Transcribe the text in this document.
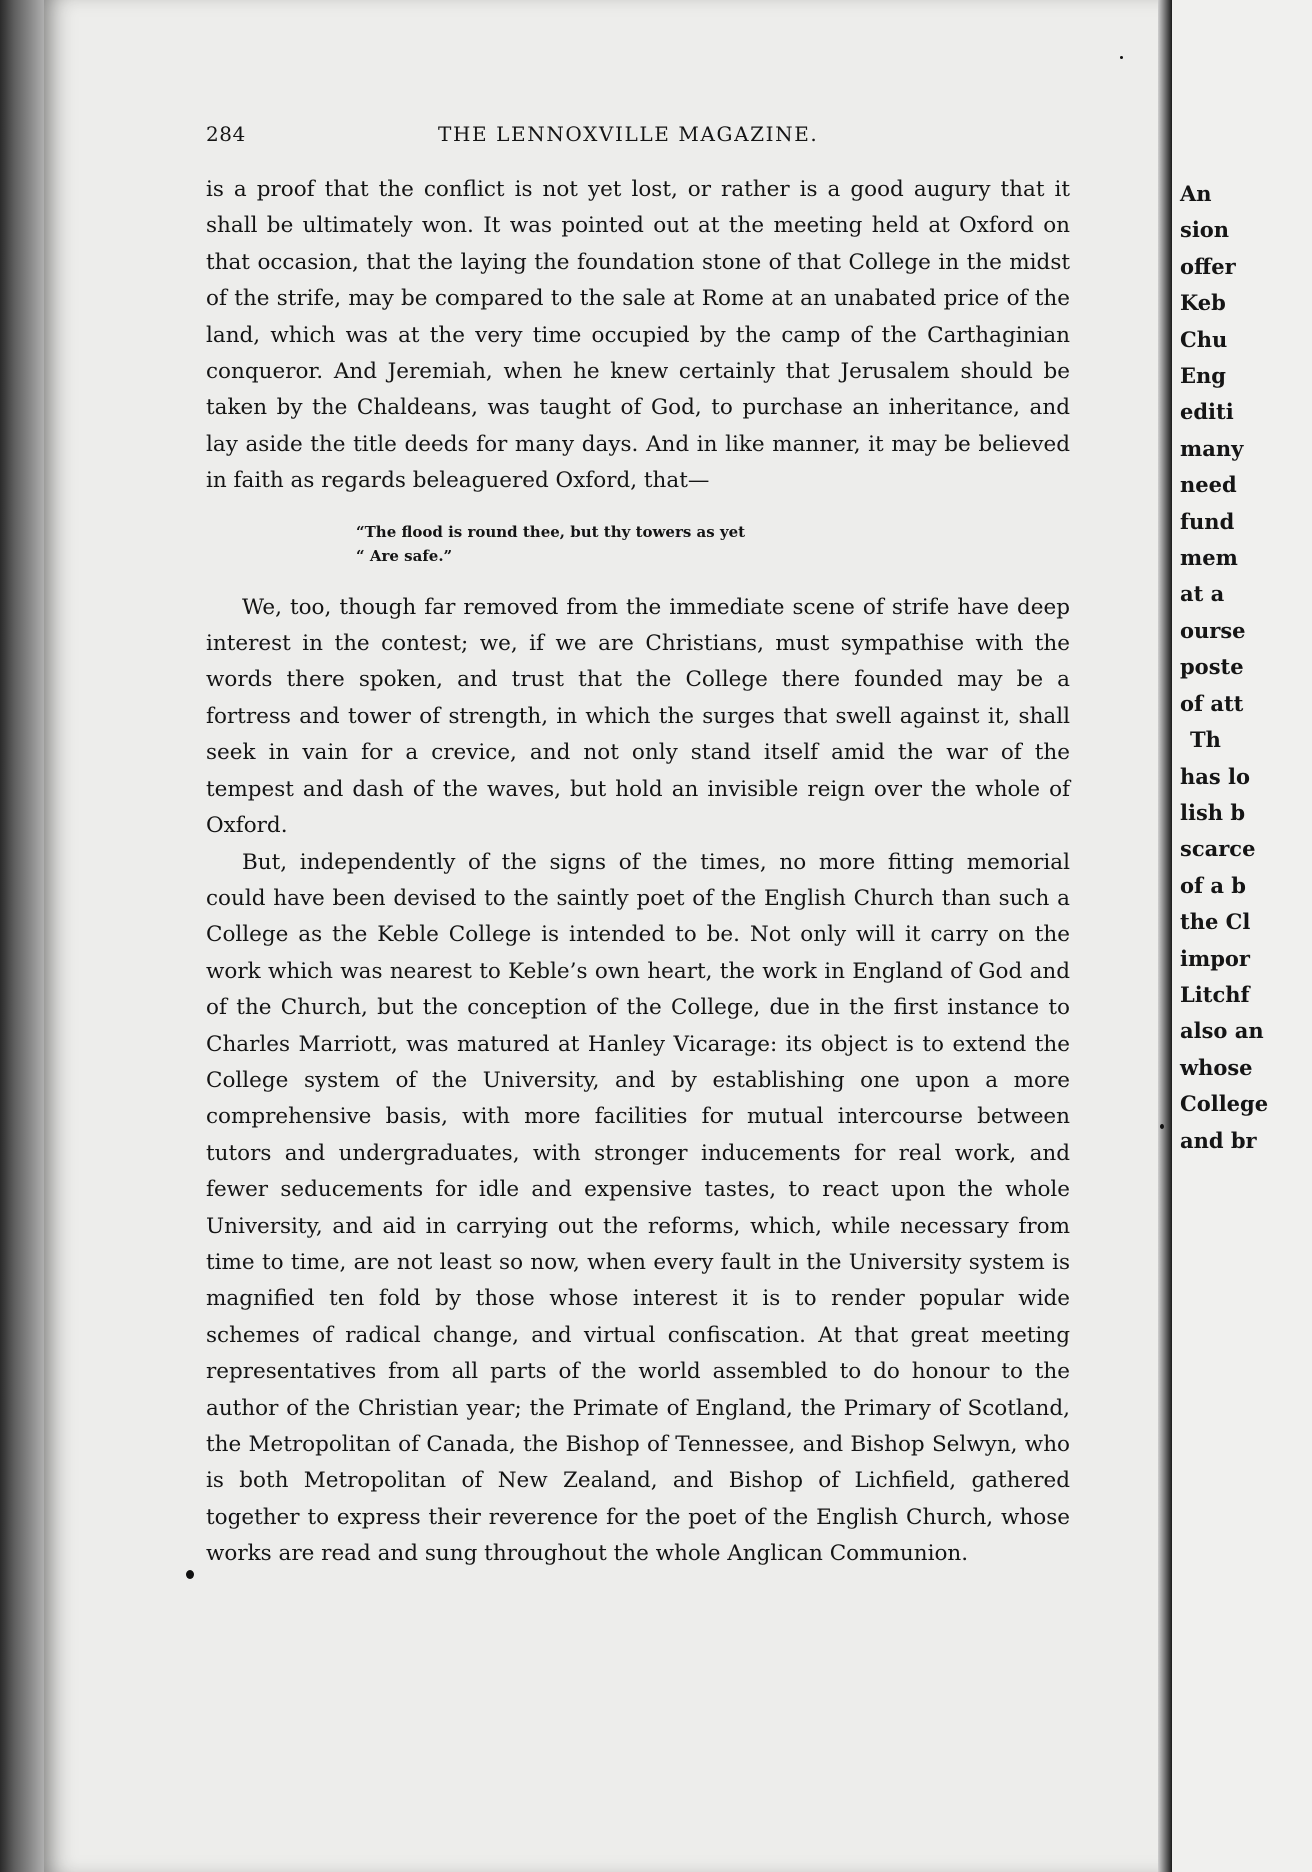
284	THE LENNOXVILLE MAGAZINE.

is a proof that the conflict is not yet lost, or rather is a good augury that it shall be ultimately won. It was pointed out at the meeting held at Oxford on that occasion, that the laying the foundation stone of that College in the midst of the strife, may be compared to the sale at Rome at an unabated price of the land, which was at the very time occupied by the camp of the Carthaginian conqueror. And Jeremiah, when he knew certainly that Jerusalem should be taken by the Chaldeans, was taught of God, to purchase an inheritance, and lay aside the title deeds for many days. And in like manner, it may be believed in faith as regards beleaguered Oxford, that—

“The flood is round thee, but thy towers as yet
“ Are safe.”

We, too, though far removed from the immediate scene of strife have deep interest in the contest; we, if we are Christians, must sympathise with the words there spoken, and trust that the College there founded may be a fortress and tower of strength, in which the surges that swell against it, shall seek in vain for a crevice, and not only stand itself amid the war of the tempest and dash of the waves, but hold an invisible reign over the whole of Oxford.

But, independently of the signs of the times, no more fitting memorial could have been devised to the saintly poet of the English Church than such a College as the Keble College is intended to be. Not only will it carry on the work which was nearest to Keble’s own heart, the work in England of God and of the Church, but the conception of the College, due in the first instance to Charles Marriott, was matured at Hanley Vicarage: its object is to extend the College system of the University, and by establishing one upon a more comprehensive basis, with more facilities for mutual intercourse between tutors and undergraduates, with stronger inducements for real work, and fewer seducements for idle and expensive tastes, to react upon the whole University, and aid in carrying out the reforms, which, while necessary from time to time, are not least so now, when every fault in the University system is magnified ten fold by those whose interest it is to render popular wide schemes of radical change, and virtual confiscation. At that great meeting representatives from all parts of the world assembled to do honour to the author of the Christian year; the Primate of England, the Primary of Scotland, the Metropolitan of Canada, the Bishop of Tennessee, and Bishop Selwyn, who is both Metropolitan of New Zealand, and Bishop of Lichfield, gathered together to express their reverence for the poet of the English Church, whose works are read and sung throughout the whole Anglican Communion.

An
sion
offer
Keb
Chu
Eng
editi
many
need
fund
mem
at a
ourse
poste
of att
Th
has lo
lish b
scarce
of a b
the Cl
impor
Litchf
also an
whose
College
and br
